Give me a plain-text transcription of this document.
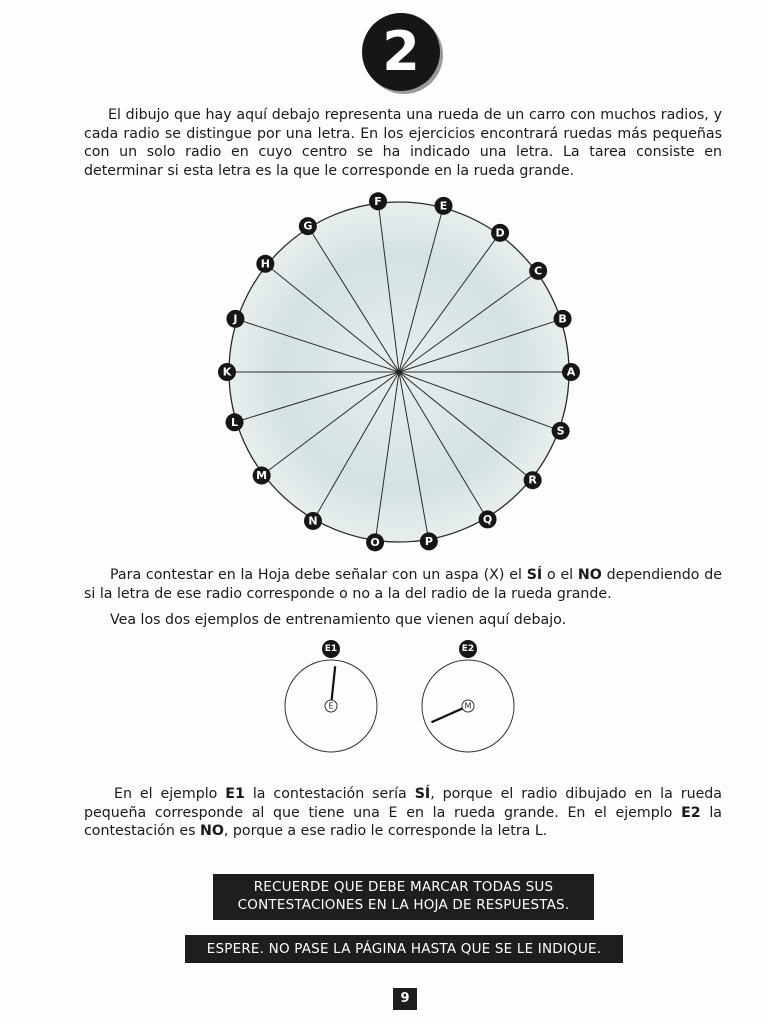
2

El dibujo que hay aquí debajo representa una rueda de un carro con muchos radios, y cada radio se distingue por una letra. En los ejercicios encontrará ruedas más pequeñas con un solo radio en cuyo centro se ha indicado una letra. La tarea consiste en determinar si esta letra es la que le corresponde en la rueda grande.

A
B
C
D
E
F
G
H
J
K
L
M
N
O	P
Q
R
S
E
E1
M
E2

Para contestar en la Hoja debe señalar con un aspa (X) el SÍ o el NO dependiendo de si la letra de ese radio corresponde o no a la del radio de la rueda grande.

Vea los dos ejemplos de entrenamiento que vienen aquí debajo.

En el ejemplo E1 la contestación sería SÍ, porque el radio dibujado en la rueda pequeña corresponde al que tiene una E en la rueda grande. En el ejemplo E2 la contestación es NO, porque a ese radio le corresponde la letra L.

RECUERDE QUE DEBE MARCAR TODAS SUS
CONTESTACIONES EN LA HOJA DE RESPUESTAS.
ESPERE. NO PASE LA PÁGINA HASTA QUE SE LE INDIQUE.
9
